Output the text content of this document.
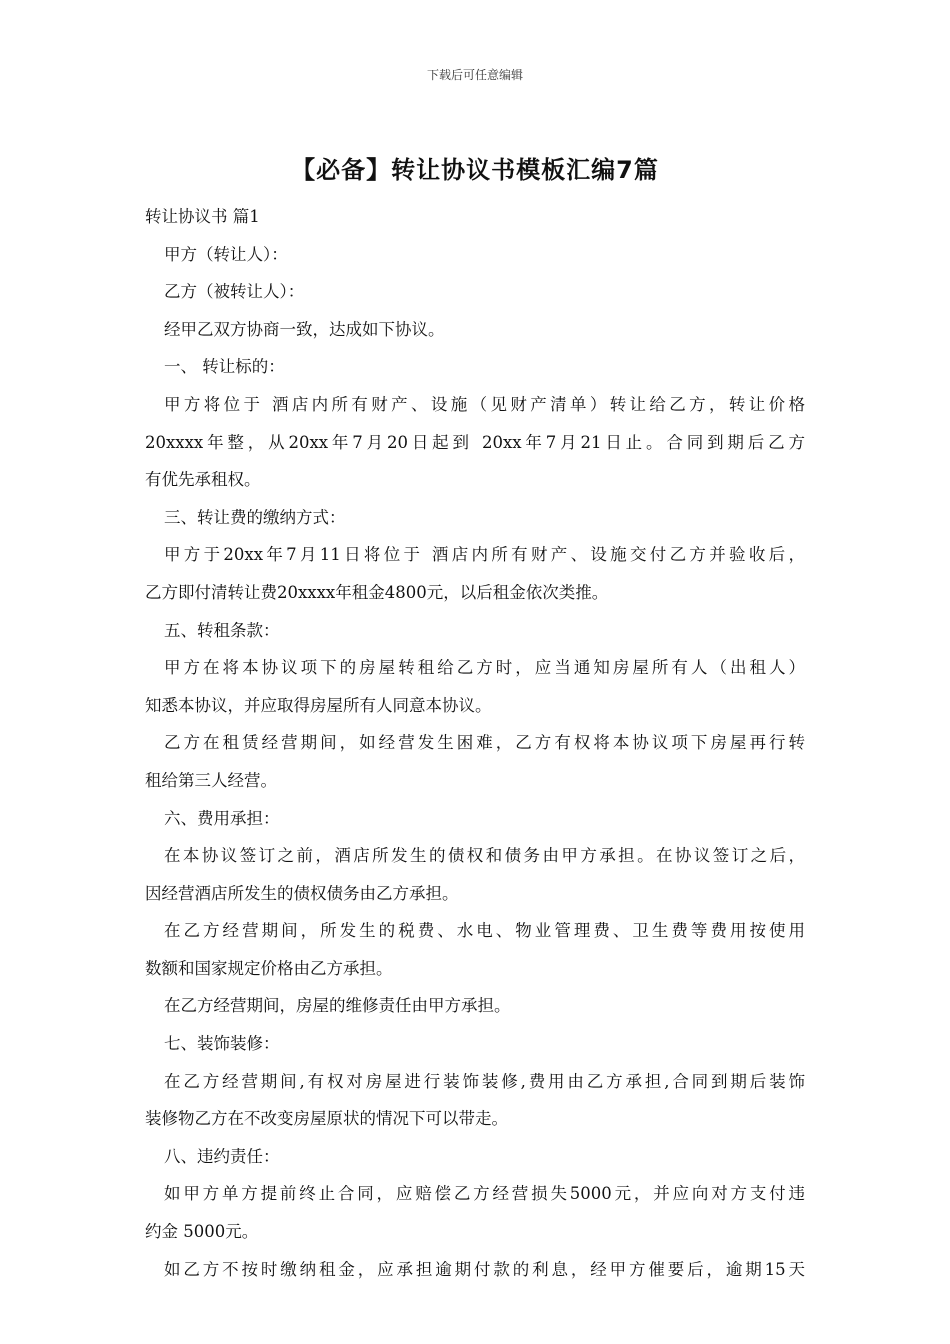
下载后可任意编辑
【必备】转让协议书模板汇编7篇

转让协议书 篇1

甲方（转让人）：

乙方（被转让人）：

经甲乙双方协商一致，达成如下协议。

一、 转让标的：

甲方将位于 酒店内所有财产、设施（见财产清单）转让给乙方，转让价格

20xxxx年整，从20xx年7月20日起到 20xx年7月21日止。合同到期后乙方

有优先承租权。

三、转让费的缴纳方式：

甲方于20xx年7月11日将位于 酒店内所有财产、设施交付乙方并验收后，

乙方即付清转让费20xxxx年租金4800元，以后租金依次类推。

五、转租条款：

甲方在将本协议项下的房屋转租给乙方时，应当通知房屋所有人（出租人）

知悉本协议，并应取得房屋所有人同意本协议。

乙方在租赁经营期间，如经营发生困难，乙方有权将本协议项下房屋再行转

租给第三人经营。

六、费用承担：

在本协议签订之前，酒店所发生的债权和债务由甲方承担。在协议签订之后，

因经营酒店所发生的债权债务由乙方承担。

在乙方经营期间，所发生的税费、水电、物业管理费、卫生费等费用按使用

数额和国家规定价格由乙方承担。

在乙方经营期间，房屋的维修责任由甲方承担。

七、装饰装修：

在乙方经营期间,有权对房屋进行装饰装修,费用由乙方承担,合同到期后装饰

装修物乙方在不改变房屋原状的情况下可以带走。

八、违约责任：

如甲方单方提前终止合同，应赔偿乙方经营损失5000元，并应向对方支付违

约金 5000元。

如乙方不按时缴纳租金，应承担逾期付款的利息，经甲方催要后，逾期15天
